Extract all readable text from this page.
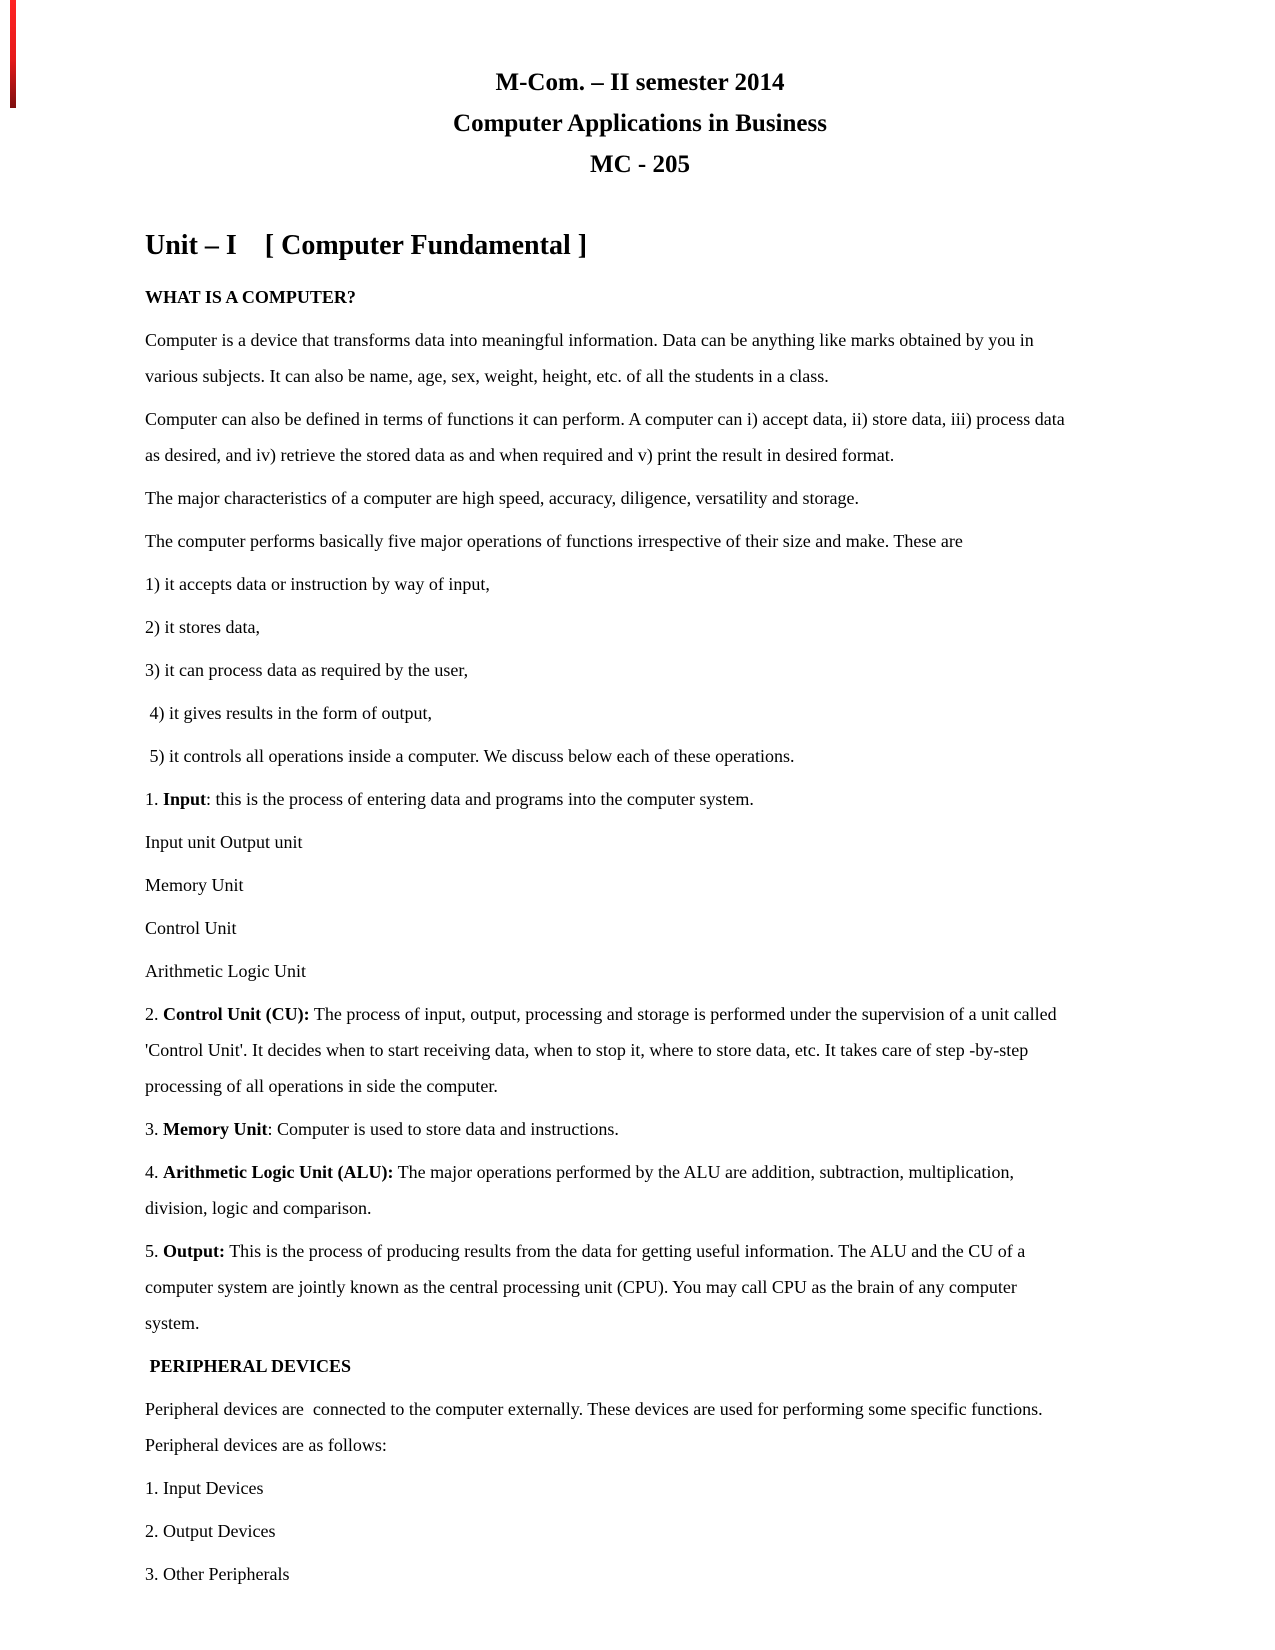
M-Com. – II semester 2014
Computer Applications in Business
MC - 205
Unit – I    [ Computer Fundamental ]

WHAT IS A COMPUTER?

Computer is a device that transforms data into meaningful information. Data can be anything like marks obtained by you in
various subjects. It can also be name, age, sex, weight, height, etc. of all the students in a class.

Computer can also be defined in terms of functions it can perform. A computer can i) accept data, ii) store data, iii) process data
as desired, and iv) retrieve the stored data as and when required and v) print the result in desired format.

The major characteristics of a computer are high speed, accuracy, diligence, versatility and storage.

The computer performs basically five major operations of functions irrespective of their size and make. These are

1) it accepts data or instruction by way of input,

2) it stores data,

3) it can process data as required by the user,

4) it gives results in the form of output,

5) it controls all operations inside a computer. We discuss below each of these operations.

1. Input: this is the process of entering data and programs into the computer system.

Input unit Output unit

Memory Unit

Control Unit

Arithmetic Logic Unit

2. Control Unit (CU): The process of input, output, processing and storage is performed under the supervision of a unit called
'Control Unit'. It decides when to start receiving data, when to stop it, where to store data, etc. It takes care of step -by-step
processing of all operations in side the computer.

3. Memory Unit: Computer is used to store data and instructions.

4. Arithmetic Logic Unit (ALU): The major operations performed by the ALU are addition, subtraction, multiplication,
division, logic and comparison.

5. Output: This is the process of producing results from the data for getting useful information. The ALU and the CU of a
computer system are jointly known as the central processing unit (CPU). You may call CPU as the brain of any computer
system.

PERIPHERAL DEVICES

Peripheral devices are  connected to the computer externally. These devices are used for performing some specific functions.
Peripheral devices are as follows:

1. Input Devices

2. Output Devices

3. Other Peripherals
